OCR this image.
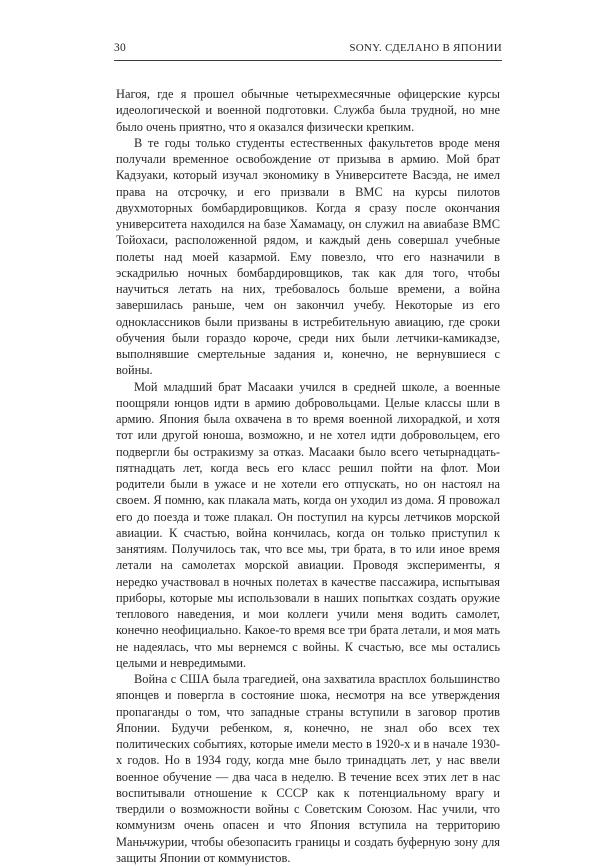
30	SONY. СДЕЛАНО В ЯПОНИИ

Нагоя, где я прошел обычные четырехмесячные офицерские курсы идеологической и военной подготовки. Служба была трудной, но мне было очень приятно, что я оказался физически крепким.

В те годы только студенты естественных факультетов вроде меня получали временное освобождение от призыва в армию. Мой брат Кадзуаки, который изучал экономику в Университете Васэда, не имел права на отсрочку, и его призвали в ВМС на курсы пилотов двухмоторных бомбардировщиков. Когда я сразу после окончания университета находился на базе Хамамацу, он служил на авиабазе ВМС Тойохаси, расположенной рядом, и каждый день совершал учебные полеты над моей казармой. Ему повезло, что его назначили в эскадрилью ночных бомбардировщиков, так как для того, чтобы научиться летать на них, требовалось больше времени, а война завершилась раньше, чем он закончил учебу. Некоторые из его одноклассников были призваны в истребительную авиацию, где сроки обучения были гораздо короче, среди них были летчики-камикадзе, выполнявшие смертельные задания и, конечно, не вернувшиеся с войны.

Мой младший брат Масааки учился в средней школе, а военные поощряли юнцов идти в армию добровольцами. Целые классы шли в армию. Япония была охвачена в то время военной лихорадкой, и хотя тот или другой юноша, возможно, и не хотел идти добровольцем, его подвергли бы остракизму за отказ. Масааки было всего четырнадцать-пятнадцать лет, когда весь его класс решил пойти на флот. Мои родители были в ужасе и не хотели его отпускать, но он настоял на своем. Я помню, как плакала мать, когда он уходил из дома. Я провожал его до поезда и тоже плакал. Он поступил на курсы летчиков морской авиации. К счастью, война кончилась, когда он только приступил к занятиям. Получилось так, что все мы, три брата, в то или иное время летали на самолетах морской авиации. Проводя эксперименты, я нередко участвовал в ночных полетах в качестве пассажира, испытывая приборы, которые мы использовали в наших попытках создать оружие теплового наведения, и мои коллеги учили меня водить самолет, конечно неофициально. Какое-то время все три брата летали, и моя мать не надеялась, что мы вернемся с войны. К счастью, все мы остались целыми и невредимыми.

Война с США была трагедией, она захватила врасплох большинство японцев и повергла в состояние шока, несмотря на все утверждения пропаганды о том, что западные страны вступили в заговор против Японии. Будучи ребенком, я, конечно, не знал обо всех тех политических событиях, которые имели место в 1920-х и в начале 1930-х годов. Но в 1934 году, когда мне было тринадцать лет, у нас ввели военное обучение — два часа в неделю. В течение всех этих лет в нас воспитывали отношение к СССР как к потенциальному врагу и твердили о возможности войны с Советским Союзом. Нас учили, что коммунизм очень опасен и что Япония вступила на территорию Маньчжурии, чтобы обезопасить границы и создать буферную зону для защиты Японии от коммунистов.
